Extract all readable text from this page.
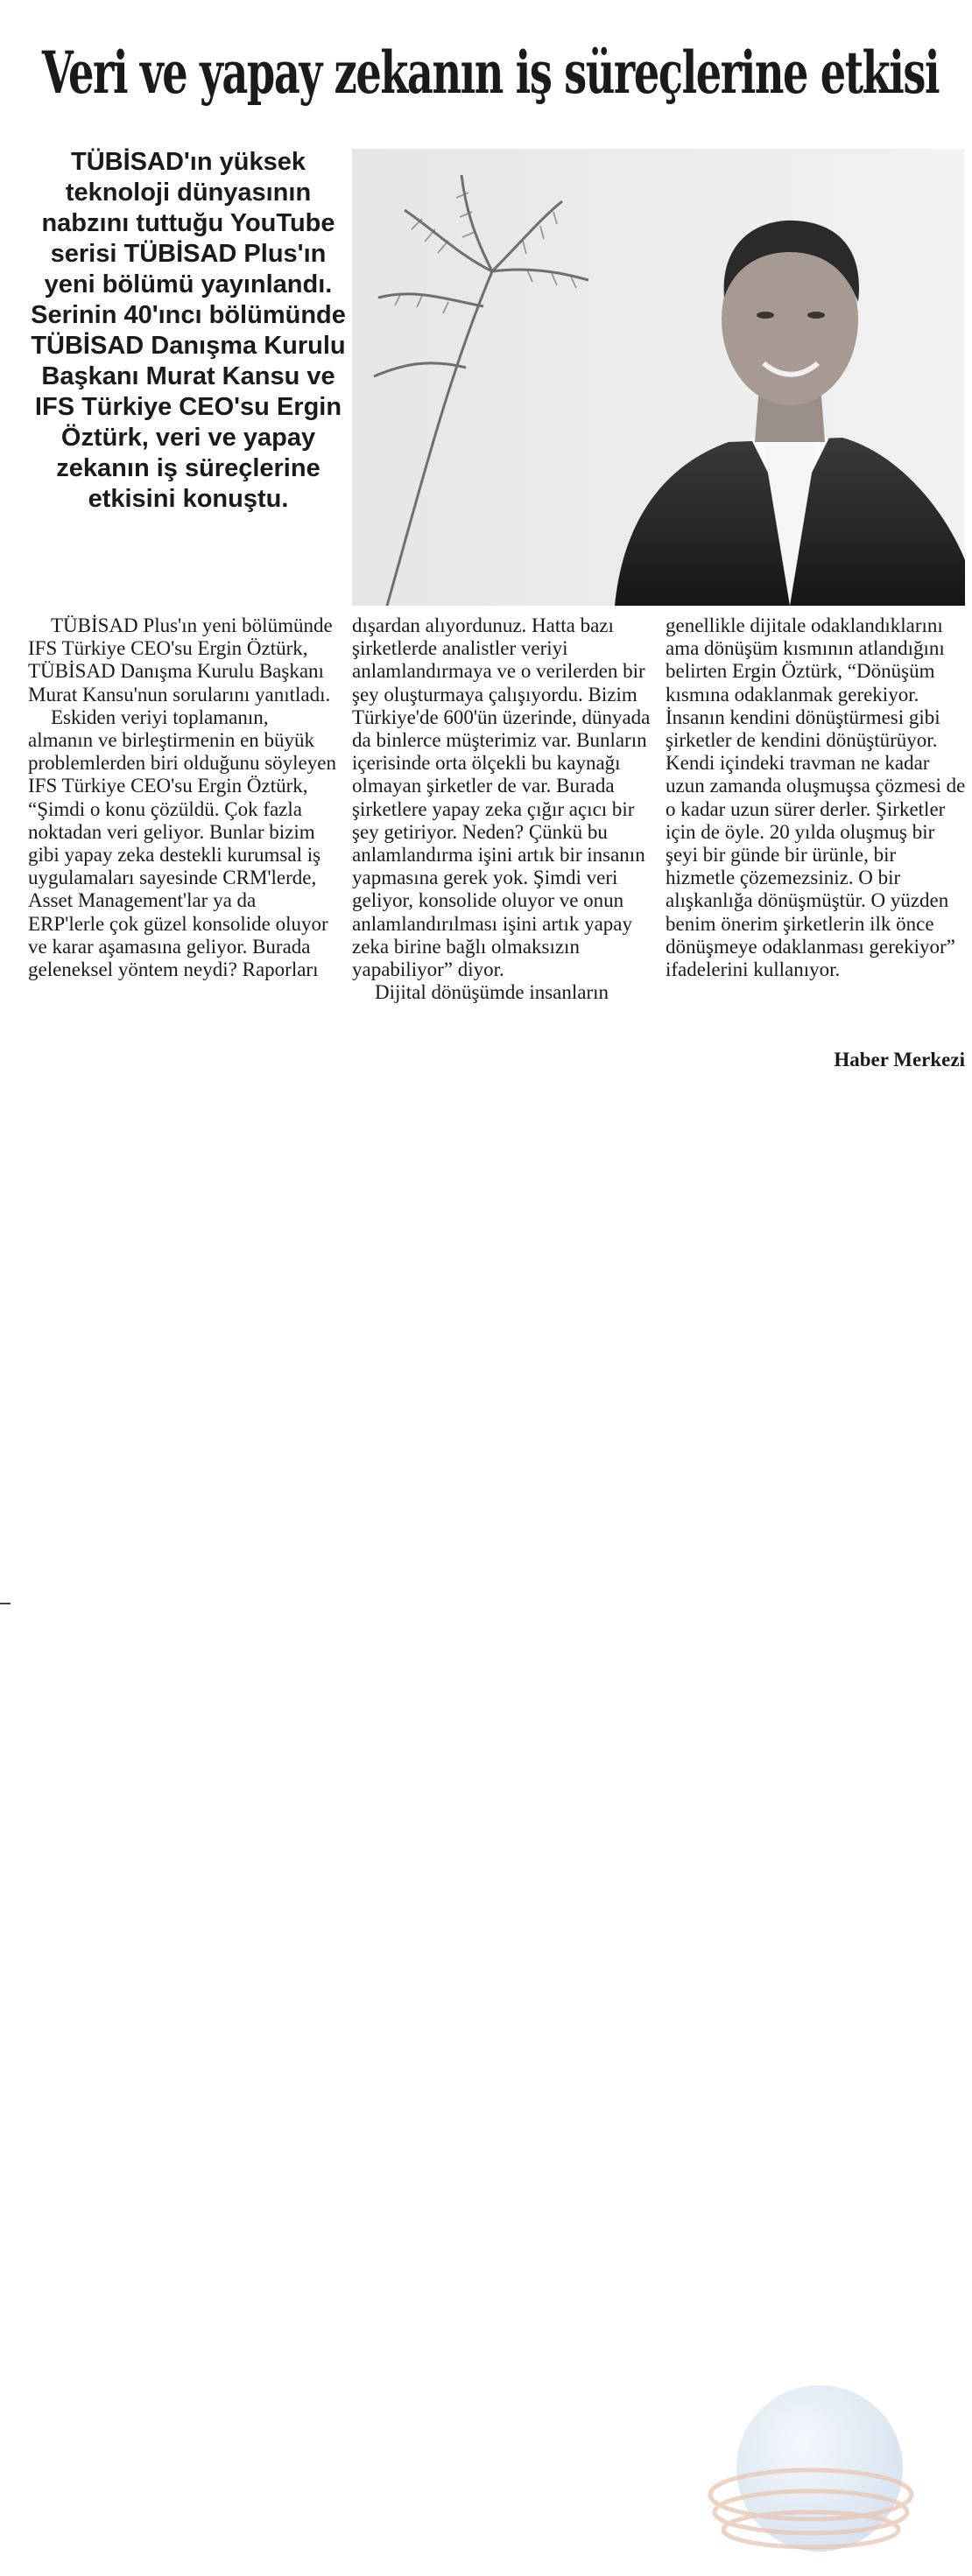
Veri ve yapay zekanın iş süreçlerine etkisi
TÜBİSAD'ın yüksek teknoloji dünyasının nabzını tuttuğu YouTube serisi TÜBİSAD Plus'ın yeni bölümü yayınlandı. Serinin 40'ıncı bölümünde TÜBİSAD Danışma Kurulu Başkanı Murat Kansu ve IFS Türkiye CEO'su Ergin Öztürk, veri ve yapay zekanın iş süreçlerine etkisini konuştu.

TÜBİSAD Plus'ın yeni bölümünde IFS Türkiye CEO'su Ergin Öztürk, TÜBİSAD Danışma Kurulu Başkanı Murat Kansu'nun sorularını yanıtladı.

Eskiden veriyi toplamanın, almanın ve birleştirmenin en büyük problemlerden biri olduğunu söyleyen IFS Türkiye CEO'su Ergin Öztürk, “Şimdi o konu çözüldü. Çok fazla noktadan veri geliyor. Bunlar bizim gibi yapay zeka destekli kurumsal iş uygulamaları sayesinde CRM'lerde, Asset Management'lar ya da ERP'lerle çok güzel konsolide oluyor ve karar aşamasına geliyor. Burada geleneksel yöntem neydi? Raporları

dışardan alıyordunuz. Hatta bazı şirketlerde analistler veriyi anlamlandırmaya ve o verilerden bir şey oluşturmaya çalışıyordu. Bizim Türkiye'de 600'ün üzerinde, dünyada da binlerce müşterimiz var. Bunların içerisinde orta ölçekli bu kaynağı olmayan şirketler de var. Burada şirketlere yapay zeka çığır açıcı bir şey getiriyor. Neden? Çünkü bu anlamlandırma işini artık bir insanın yapmasına gerek yok. Şimdi veri geliyor, konsolide oluyor ve onun anlamlandırılması işini artık yapay zeka birine bağlı olmaksızın yapabiliyor” diyor.

Dijital dönüşümde insanların

genellikle dijitale odaklandıklarını ama dönüşüm kısmının atlandığını belirten Ergin Öztürk, “Dönüşüm kısmına odaklanmak gerekiyor. İnsanın kendini dönüştürmesi gibi şirketler de kendini dönüştürüyor. Kendi içindeki travman ne kadar uzun zamanda oluşmuşsa çözmesi de o kadar uzun sürer derler. Şirketler için de öyle. 20 yılda oluşmuş bir şeyi bir günde bir ürünle, bir hizmetle çözemezsiniz. O bir alışkanlığa dönüşmüştür. O yüzden benim önerim şirketlerin ilk önce dönüşmeye odaklanması gerekiyor” ifadelerini kullanıyor.

Haber Merkezi
